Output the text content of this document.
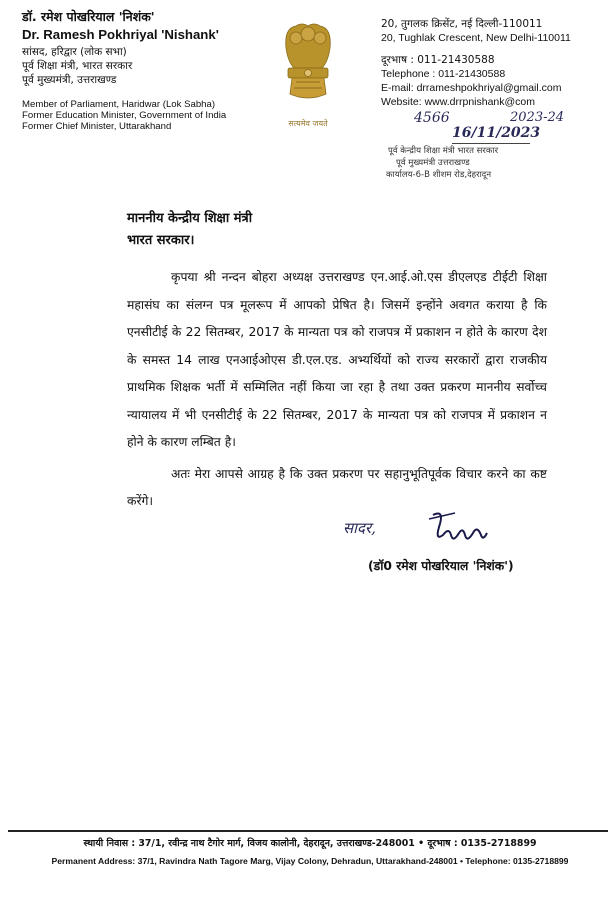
डॉ. रमेश पोखरियाल 'निशंक'
Dr. Ramesh Pokhriyal 'Nishank'
सांसद, हरिद्वार (लोक सभा)
पूर्व शिक्षा मंत्री, भारत सरकार
पूर्व मुख्यमंत्री, उत्तराखण्ड
Member of Parliament, Haridwar (Lok Sabha)
Former Education Minister, Government of India
Former Chief Minister, Uttarakhand	सत्यमेव जयते
20, तुगलक क्रिसेंट, नई दिल्ली-110011
20, Tughlak Crescent, New Delhi-110011
दूरभाष : 011-21430588
Telephone : 011-21430588
E-mail: drrameshpokhriyal@gmail.com
Website: www.drrpnishank@com
4566	2023-24
16/11/2023
पूर्व केन्द्रीय शिक्षा मंत्री भारत सरकार
पूर्व मुख्यमंत्री उत्तराखण्ड
कार्यालय-6-B शीशम रोड,देहरादून
माननीय केन्द्रीय शिक्षा मंत्री
भारत सरकार।

कृपया श्री नन्दन बोहरा अध्यक्ष उत्तराखण्ड एन.आई.ओ.एस डीएलएड टीईटी शिक्षा महासंघ का संलग्न पत्र मूलरूप में आपको प्रेषित है। जिसमें इन्होंने अवगत कराया है कि एनसीटीई के 22 सितम्बर, 2017 के मान्यता पत्र को राजपत्र में प्रकाशन न होते के कारण देश के समस्त 14 लाख एनआईओएस डी.एल.एड. अभ्यर्थियों को राज्य सरकारों द्वारा राजकीय प्राथमिक शिक्षक भर्ती में सम्मिलित नहीं किया जा रहा है तथा उक्त प्रकरण माननीय सर्वोच्च न्यायालय में भी एनसीटीई के 22 सितम्बर, 2017 के मान्यता पत्र को राजपत्र में प्रकाशन न होने के कारण लम्बित है।

अतः मेरा आपसे आग्रह है कि उक्त प्रकरण पर सहानुभूतिपूर्वक विचार करने का कष्ट करेंगे।

सादर,
(डॉ0 रमेश पोखरियाल 'निशंक')
स्थायी निवास : 37/1, रवीन्द्र नाथ टैगोर मार्ग, विजय कालोनी, देहरादून, उत्तराखण्ड-248001 • दूरभाष : 0135-2718899
Permanent Address: 37/1, Ravindra Nath Tagore Marg, Vijay Colony, Dehradun, Uttarakhand-248001 • Telephone: 0135-2718899
